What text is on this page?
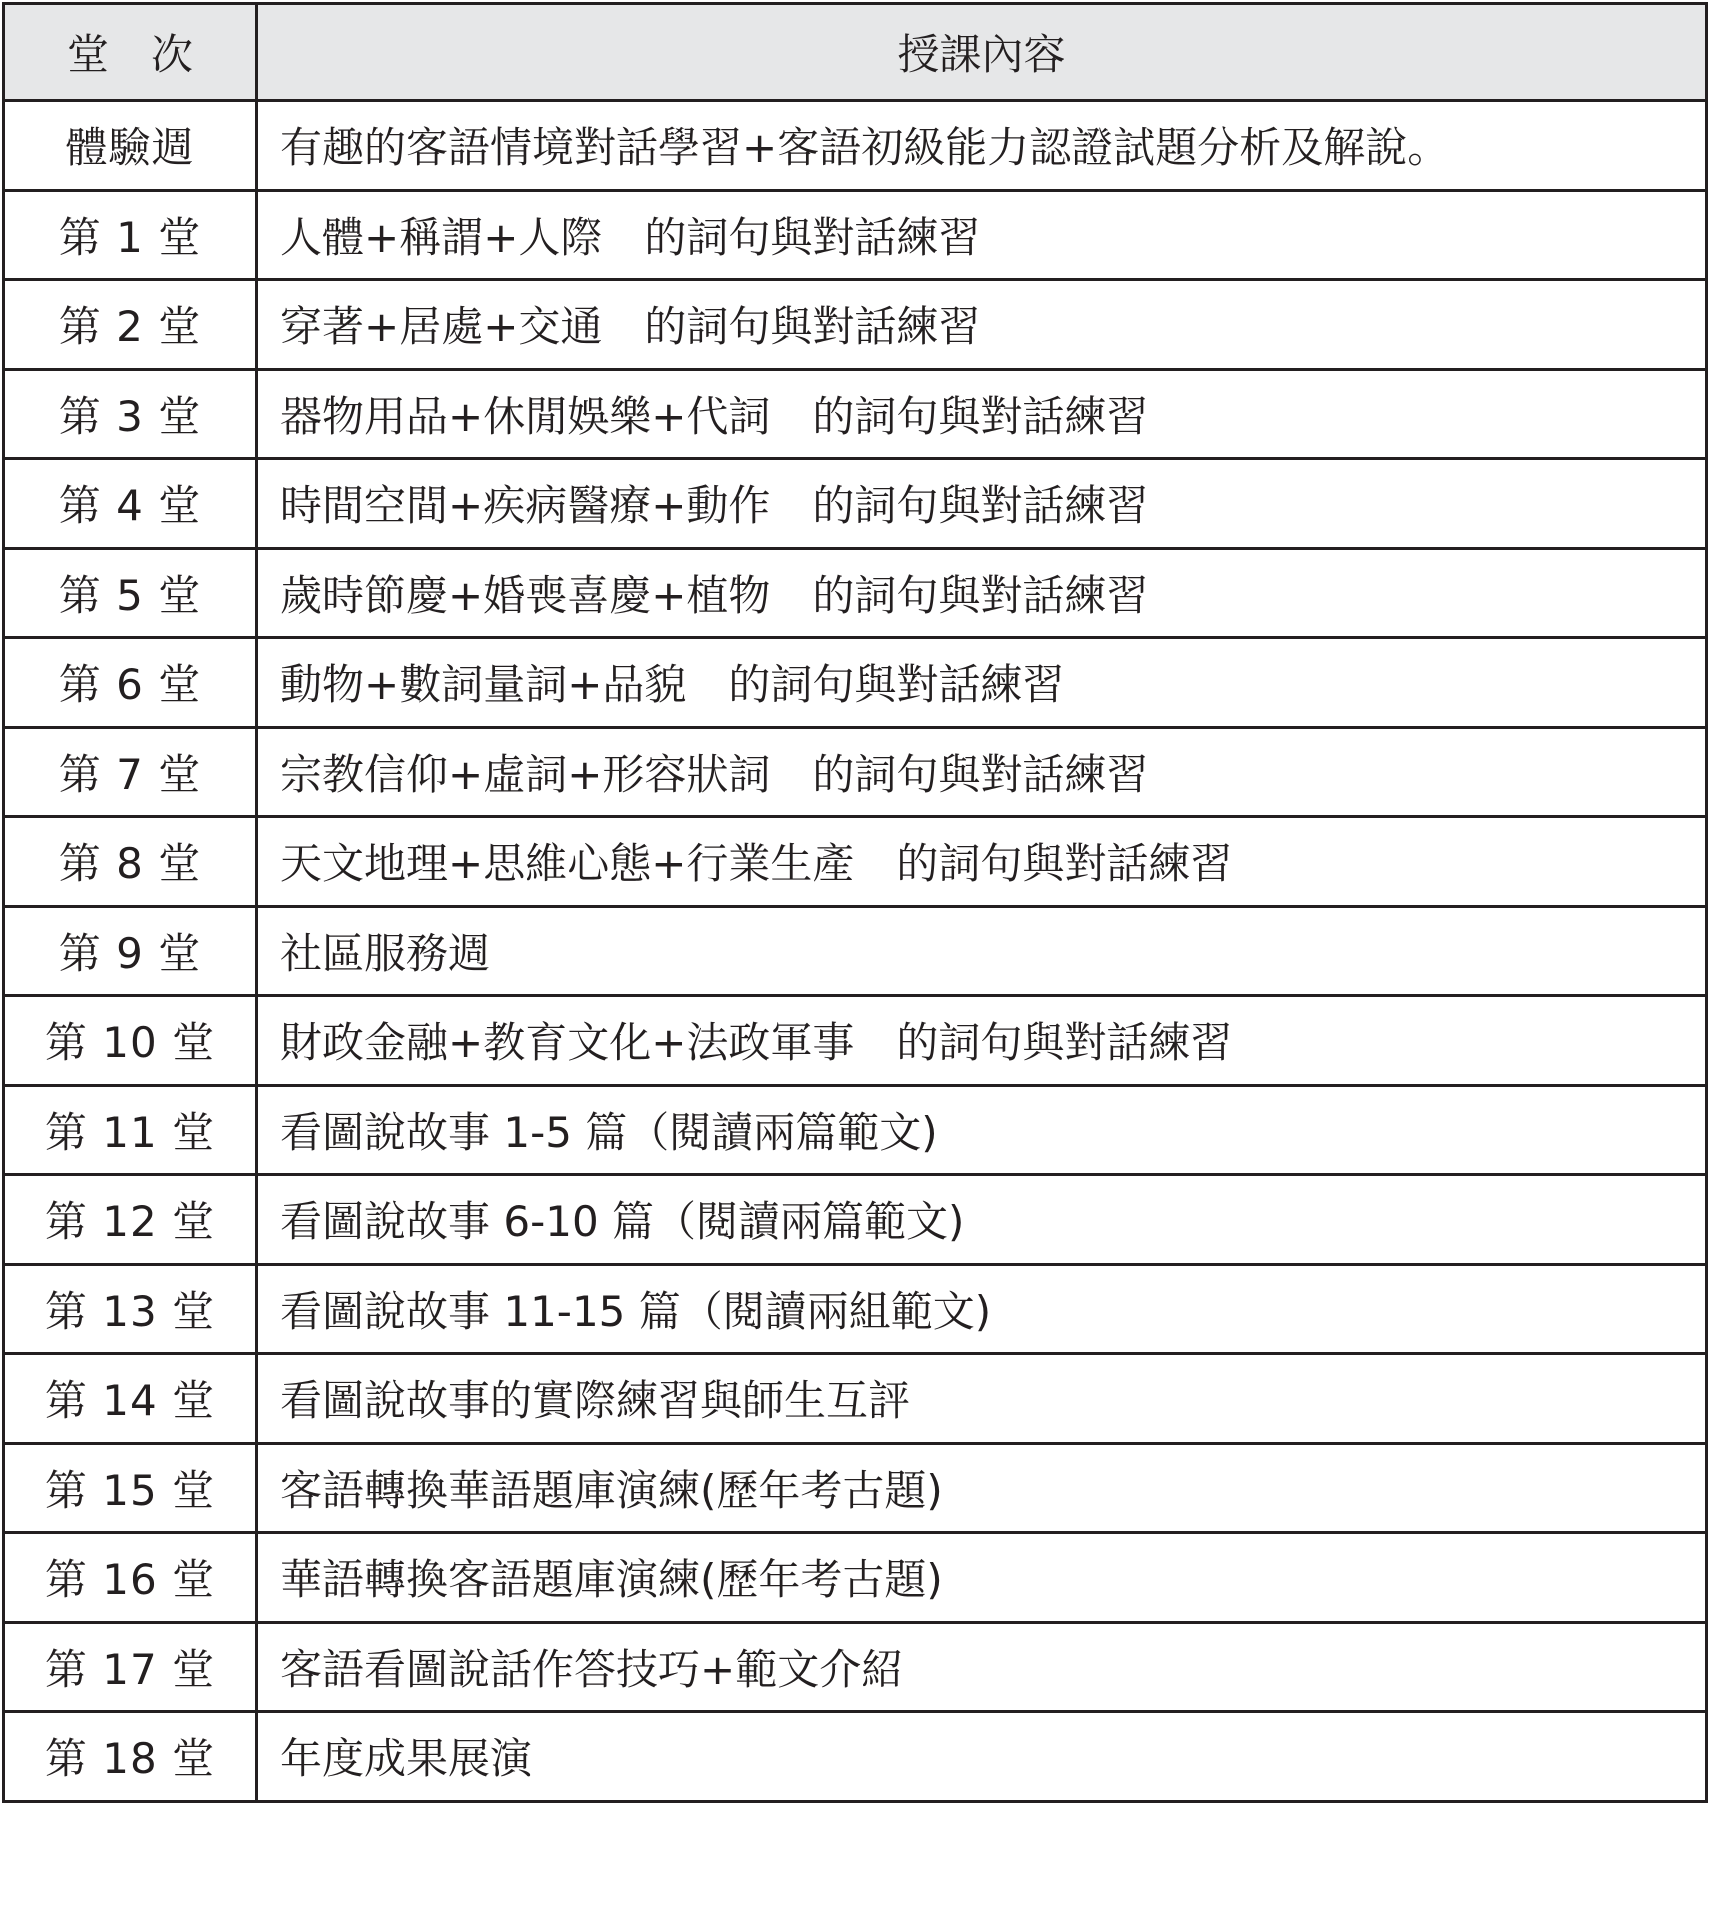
堂　次	授課內容
體驗週	有趣的客語情境對話學習+客語初級能力認證試題分析及解說。
第 1 堂	人體+稱謂+人際　的詞句與對話練習
第 2 堂	穿著+居處+交通　的詞句與對話練習
第 3 堂	器物用品+休閒娛樂+代詞　的詞句與對話練習
第 4 堂	時間空間+疾病醫療+動作　的詞句與對話練習
第 5 堂	歲時節慶+婚喪喜慶+植物　的詞句與對話練習
第 6 堂	動物+數詞量詞+品貌　的詞句與對話練習
第 7 堂	宗教信仰+虛詞+形容狀詞　的詞句與對話練習
第 8 堂	天文地理+思維心態+行業生產　的詞句與對話練習
第 9 堂	社區服務週
第 10 堂	財政金融+教育文化+法政軍事　的詞句與對話練習
第 11 堂	看圖說故事 1-5 篇（閱讀兩篇範文)
第 12 堂	看圖說故事 6-10 篇（閱讀兩篇範文)
第 13 堂	看圖說故事 11-15 篇（閱讀兩組範文)
第 14 堂	看圖說故事的實際練習與師生互評
第 15 堂	客語轉換華語題庫演練(歷年考古題)
第 16 堂	華語轉換客語題庫演練(歷年考古題)
第 17 堂	客語看圖說話作答技巧+範文介紹
第 18 堂	年度成果展演
